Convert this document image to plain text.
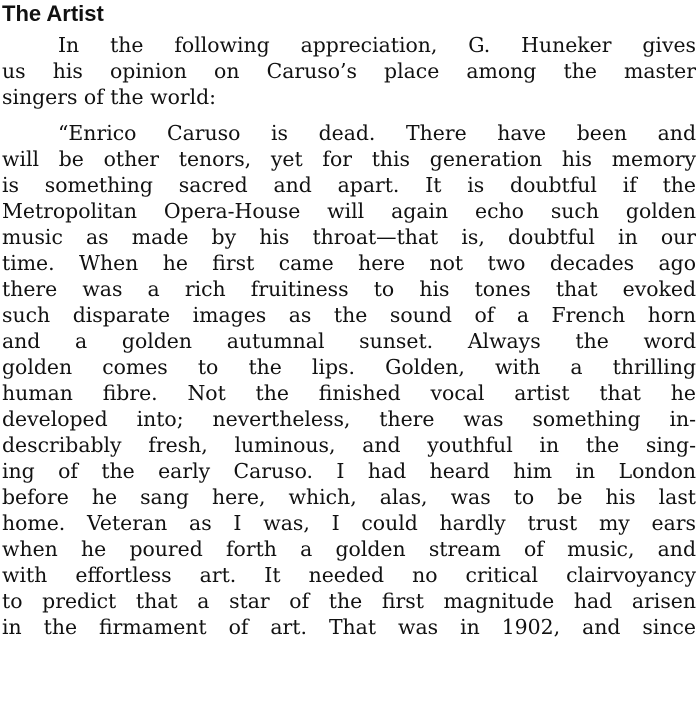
The Artist
In the following appreciation, G. Huneker gives
us his opinion on Caruso’s place among the master
singers of the world:
“Enrico Caruso is dead. There have been and
will be other tenors, yet for this generation his memory
is something sacred and apart. It is doubtful if the
Metropolitan Opera-House will again echo such golden
music as made by his throat—that is, doubtful in our
time. When he first came here not two decades ago
there was a rich fruitiness to his tones that evoked
such disparate images as the sound of a French horn
and a golden autumnal sunset. Always the word
golden comes to the lips. Golden, with a thrilling
human fibre. Not the finished vocal artist that he
developed into; nevertheless, there was something in-
describably fresh, luminous, and youthful in the sing-
ing of the early Caruso. I had heard him in London
before he sang here, which, alas, was to be his last
home. Veteran as I was, I could hardly trust my ears
when he poured forth a golden stream of music, and
with effortless art. It needed no critical clairvoyancy
to predict that a star of the first magnitude had arisen
in the firmament of art. That was in 1902, and since
